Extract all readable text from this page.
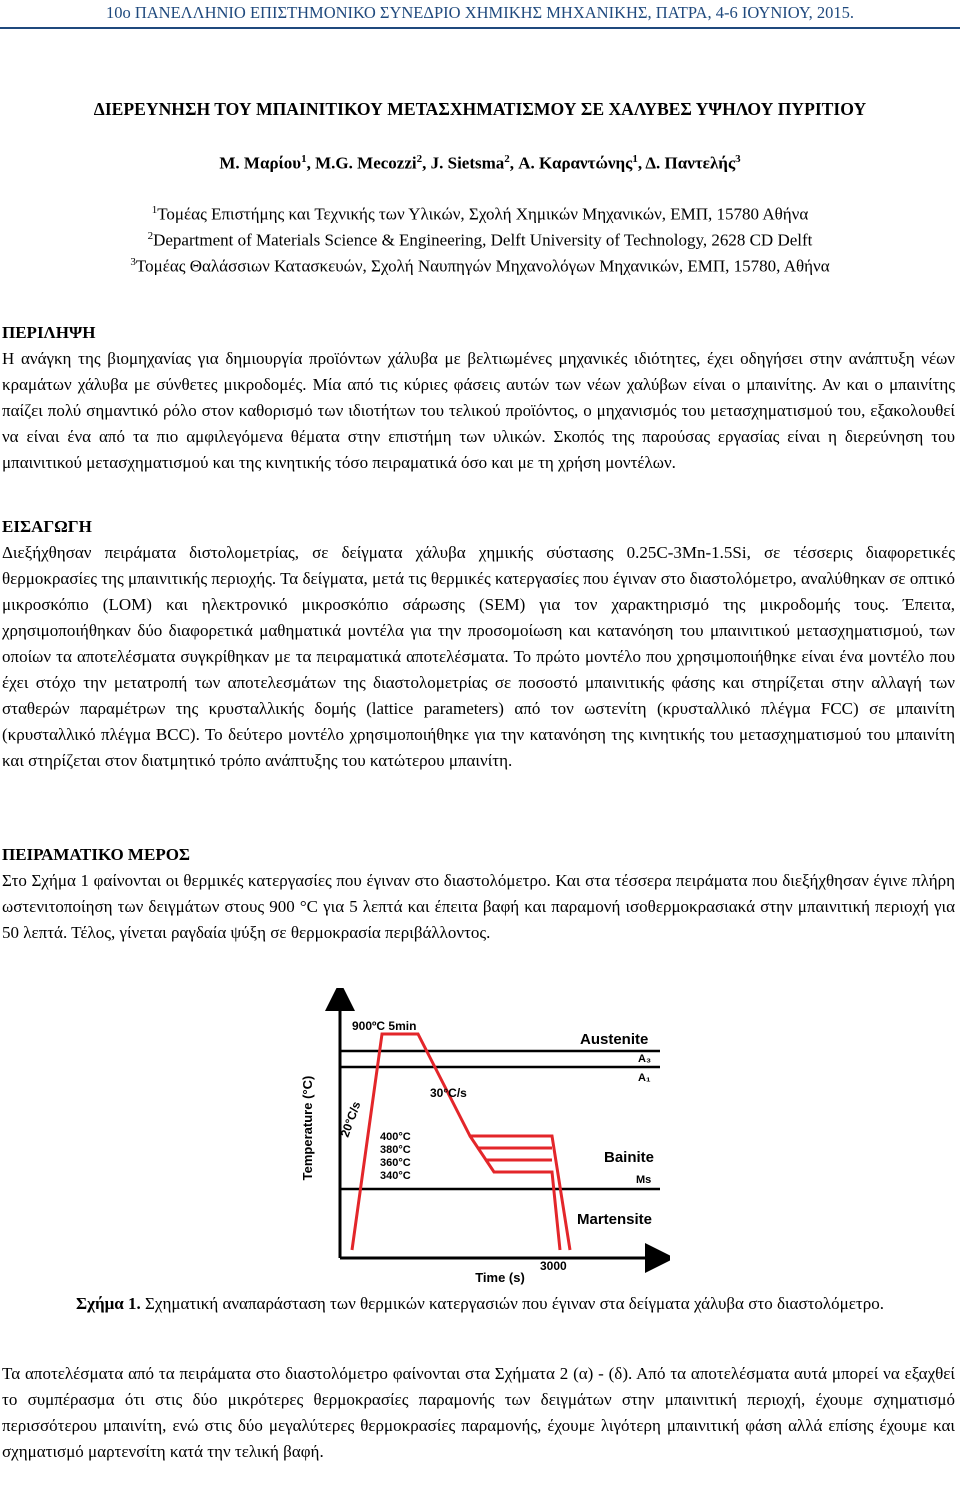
10ο ΠΑΝΕΛΛΗΝΙΟ ΕΠΙΣΤΗΜΟΝΙΚΟ ΣΥΝΕΔΡΙΟ ΧΗΜΙΚΗΣ ΜΗΧΑΝΙΚΗΣ, ΠΑΤΡΑ, 4-6 ΙΟΥΝΙΟΥ, 2015.
ΔΙΕΡΕΥΝΗΣΗ ΤΟΥ ΜΠΑΙΝΙΤΙΚΟΥ ΜΕΤΑΣΧΗΜΑΤΙΣΜΟΥ ΣΕ ΧΑΛΥΒΕΣ ΥΨΗΛΟΥ ΠΥΡΙΤΙΟΥ
Μ. Μαρίου$^1$, M.G. Mecozzi$^2$, J. Sietsma$^2$, Α. Καραντώνης$^1$, Δ. Παντελής$^3$
$^1$Τομέας Επιστήμης και Τεχνικής των Υλικών, Σχολή Χημικών Μηχανικών, ΕΜΠ, 15780 Αθήνα
$^2$Department of Materials Science & Engineering, Delft University of Technology, 2628 CD Delft
$^3$Τομέας Θαλάσσιων Κατασκευών, Σχολή Ναυπηγών Μηχανολόγων Μηχανικών, ΕΜΠ, 15780, Αθήνα
ΠΕΡΙΛΗΨΗ

Η ανάγκη της βιομηχανίας για δημιουργία προϊόντων χάλυβα με βελτιωμένες μηχανικές ιδιότητες, έχει οδηγήσει στην ανάπτυξη νέων κραμάτων χάλυβα με σύνθετες μικροδομές. Μία από τις κύριες φάσεις αυτών των νέων χαλύβων είναι ο μπαινίτης. Αν και ο μπαινίτης παίζει πολύ σημαντικό ρόλο στον καθορισμό των ιδιοτήτων του τελικού προϊόντος, ο μηχανισμός του μετασχηματισμού του, εξακολουθεί να είναι ένα από τα πιο αμφιλεγόμενα θέματα στην επιστήμη των υλικών. Σκοπός της παρούσας εργασίας είναι η διερεύνηση του μπαινιτικού μετασχηματισμού και της κινητικής τόσο πειραματικά όσο και με τη χρήση μοντέλων.

ΕΙΣΑΓΩΓΗ

Διεξήχθησαν πειράματα διστολομετρίας, σε δείγματα χάλυβα χημικής σύστασης 0.25C-3Mn-1.5Si, σε τέσσερις διαφορετικές θερμοκρασίες της μπαινιτικής περιοχής. Τα δείγματα, μετά τις θερμικές κατεργασίες που έγιναν στο διαστολόμετρο, αναλύθηκαν σε οπτικό μικροσκόπιο (LOM) και ηλεκτρονικό μικροσκόπιο σάρωσης (SEM) για τον χαρακτηρισμό της μικροδομής τους. Έπειτα, χρησιμοποιήθηκαν δύο διαφορετικά μαθηματικά μοντέλα για την προσομοίωση και κατανόηση του μπαινιτικού μετασχηματισμού, των οποίων τα αποτελέσματα συγκρίθηκαν με τα πειραματικά αποτελέσματα. Το πρώτο μοντέλο που χρησιμοποιήθηκε είναι ένα μοντέλο που έχει στόχο την μετατροπή των αποτελεσμάτων της διαστολομετρίας σε ποσοστό μπαινιτικής φάσης και στηρίζεται στην αλλαγή των σταθερών παραμέτρων της κρυσταλλικής δομής (lattice parameters) από τον ωστενίτη (κρυσταλλικό πλέγμα FCC) σε μπαινίτη (κρυσταλλικό πλέγμα BCC). Το δεύτερο μοντέλο χρησιμοποιήθηκε για την κατανόηση της κινητικής του μετασχηματισμού του μπαινίτη και στηρίζεται στον διατμητικό τρόπο ανάπτυξης του κατώτερου μπαινίτη.

ΠΕΙΡΑΜΑΤΙΚΟ ΜΕΡΟΣ

Στο Σχήμα 1 φαίνονται οι θερμικές κατεργασίες που έγιναν στο διαστολόμετρο. Και στα τέσσερα πειράματα που διεξήχθησαν έγινε πλήρη ωστενιτοποίηση των δειγμάτων στους 900 °C για 5 λεπτά και έπειτα βαφή και παραμονή ισοθερμοκρασιακά στην μπαινιτική περιοχή για 50 λεπτά. Τέλος, γίνεται ραγδαία ψύξη σε θερμοκρασία περιβάλλοντος.

Temperature (°C)
Time (s)
900ºC 5min
Austenite
A₃
A₁
30°C/s
20°C/s 400°C
380°C
360°C
340°C
Bainite
Ms
Martensite
3000
Σχήμα 1. Σχηματική αναπαράσταση των θερμικών κατεργασιών που έγιναν στα δείγματα χάλυβα στο διαστολόμετρο.

Τα αποτελέσματα από τα πειράματα στο διαστολόμετρο φαίνονται στα Σχήματα 2 (α) - (δ). Από τα αποτελέσματα αυτά μπορεί να εξαχθεί το συμπέρασμα ότι στις δύο μικρότερες θερμοκρασίες παραμονής των δειγμάτων στην μπαινιτική περιοχή, έχουμε σχηματισμό περισσότερου μπαινίτη, ενώ στις δύο μεγαλύτερες θερμοκρασίες παραμονής, έχουμε λιγότερη μπαινιτική φάση αλλά επίσης έχουμε και σχηματισμό μαρτενσίτη κατά την τελική βαφή.
